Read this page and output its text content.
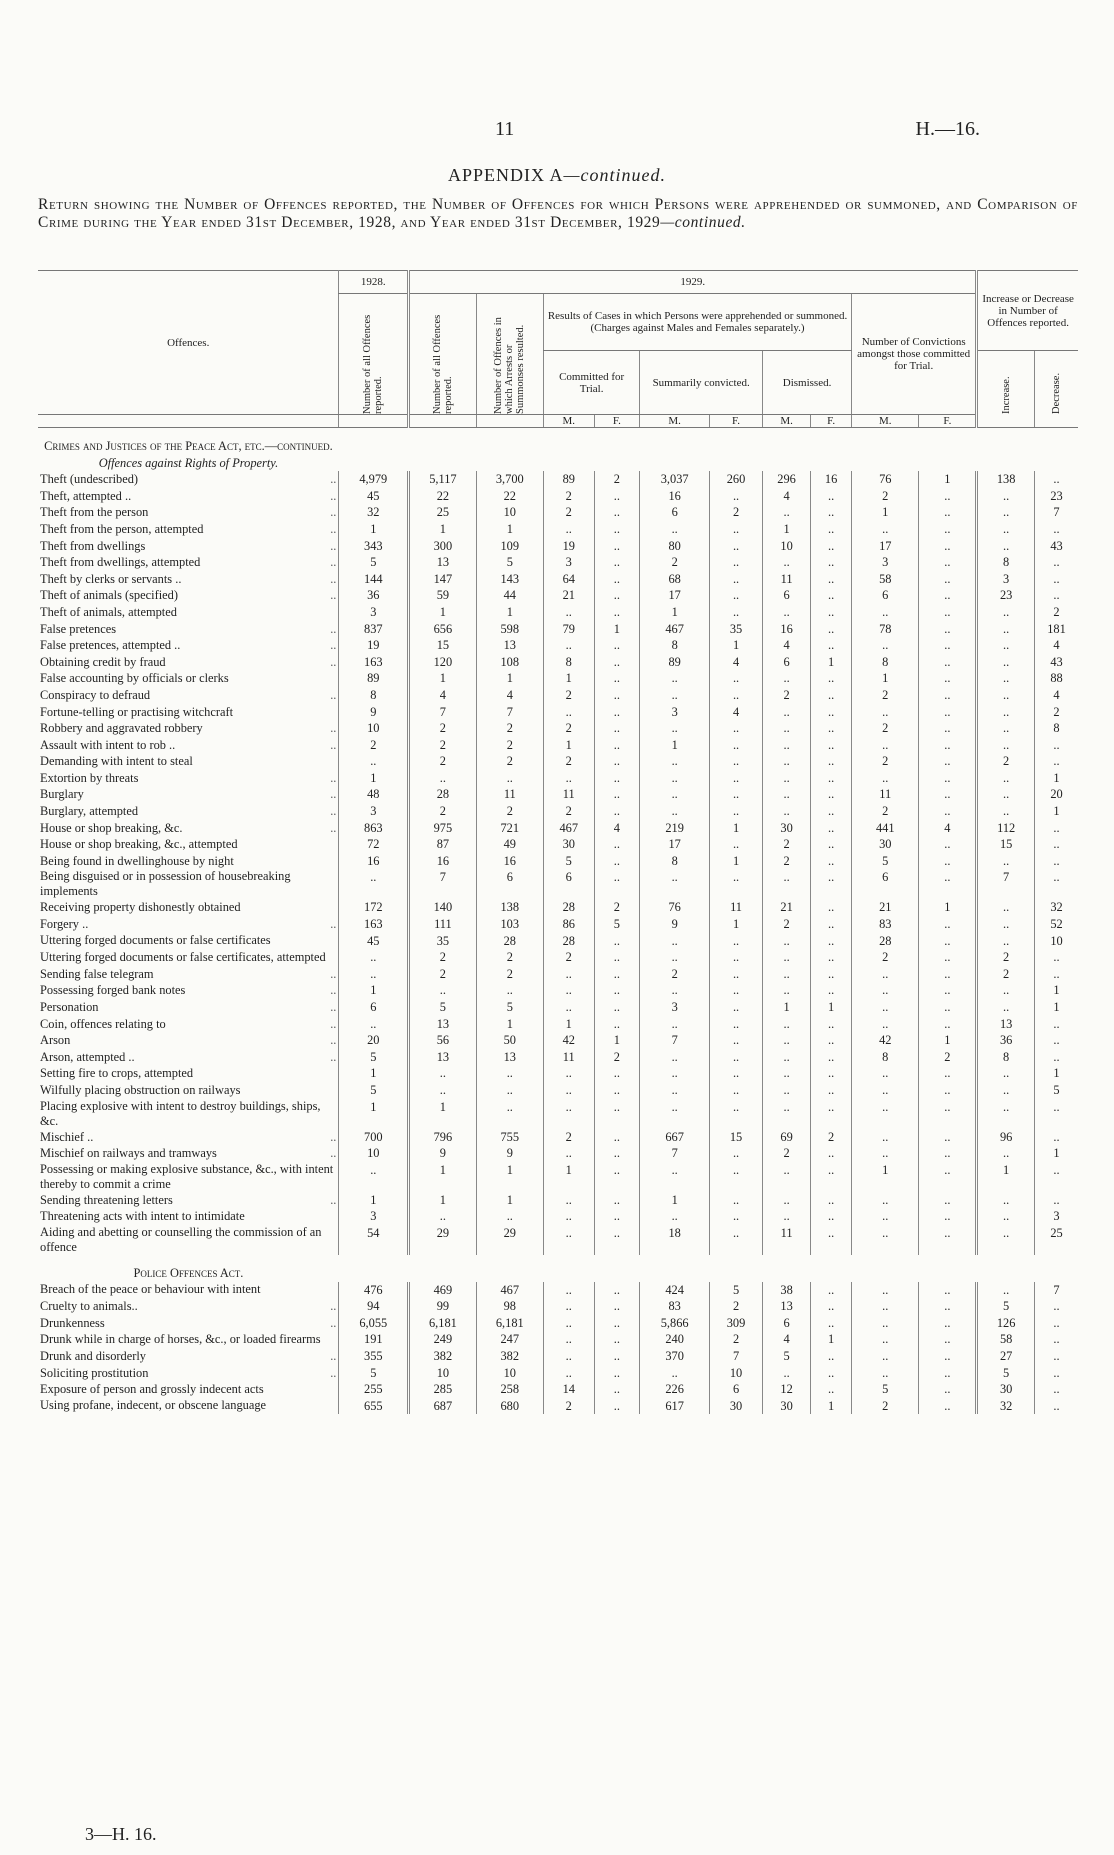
11	H.—16.
APPENDIX A—continued.
Return showing the Number of Offences reported, the Number of Offences for which Persons were apprehended or summoned, and Comparison of Crime during the Year ended 31st December, 1928, and Year ended 31st December, 1929—continued.
Offences.	1928.	1929.										Increase or Decrease in Number of Offences reported.	

	Number of all Offences reported.	Number of all Offences reported.	Number of Offences in which Arrests or Summonses resulted.	Results of Cases in which Persons were apprehended or summoned. (Charges against Males and Females separately.)						Number of Convictions amongst those committed for Trial.			
				Committed for Trial.		Summarily convicted.		Dismissed.				Increase.	Decrease.

				M.	F.	M.	F.	M.	F.	M.	F.		

Crimes and Justices of the Peace Act, etc.—continued.													
Offences against Rights of Property.													
Theft (undescribed) ..	4,979	5,117	3,700	89	2	3,037	260	296	16	76	1	138	..
Theft, attempted .. ..	45	22	22	2	..	16	..	4	..	2	..	..	23
Theft from the person ..	32	25	10	2	..	6	2	..	..	1	..	..	7
Theft from the person, attempted ..	1	1	1	..	..	..	..	1	..	..	..	..	..
Theft from dwellings ..	343	300	109	19	..	80	..	10	..	17	..	..	43
Theft from dwellings, attempted ..	5	13	5	3	..	2	..	..	..	3	..	8	..
Theft by clerks or servants .. ..	144	147	143	64	..	68	..	11	..	58	..	3	..
Theft of animals (specified) ..	36	59	44	21	..	17	..	6	..	6	..	23	..
Theft of animals, attempted	3	1	1	..	..	1	..	..	..	..	..	..	2
False pretences ..	837	656	598	79	1	467	35	16	..	78	..	..	181
False pretences, attempted .. ..	19	15	13	..	..	8	1	4	..	..	..	..	4
Obtaining credit by fraud ..	163	120	108	8	..	89	4	6	1	8	..	..	43
False accounting by officials or clerks	89	1	1	1	..	..	..	..	..	1	..	..	88
Conspiracy to defraud ..	8	4	4	2	..	..	..	2	..	2	..	..	4
Fortune-telling or practising witchcraft	9	7	7	..	..	3	4	..	..	..	..	..	2
Robbery and aggravated robbery ..	10	2	2	2	..	..	..	..	..	2	..	..	8
Assault with intent to rob .. ..	2	2	2	1	..	1	..	..	..	..	..	..	..
Demanding with intent to steal	..	2	2	2	..	..	..	..	..	2	..	2	..
Extortion by threats ..	1	..	..	..	..	..	..	..	..	..	..	..	1
Burglary ..	48	28	11	11	..	..	..	..	..	11	..	..	20
Burglary, attempted ..	3	2	2	2	..	..	..	..	..	2	..	..	1
House or shop breaking, &c. ..	863	975	721	467	4	219	1	30	..	441	4	112	..
House or shop breaking, &c., attempted	72	87	49	30	..	17	..	2	..	30	..	15	..
Being found in dwellinghouse by night	16	16	16	5	..	8	1	2	..	5	..	..	..
Being disguised or in possession of housebreaking implements	..	7	6	6	..	..	..	..	..	6	..	7	..
Receiving property dishonestly obtained	172	140	138	28	2	76	11	21	..	21	1	..	32
Forgery .. ..	163	111	103	86	5	9	1	2	..	83	..	..	52
Uttering forged documents or false certificates	45	35	28	28	..	..	..	..	..	28	..	..	10
Uttering forged documents or false certificates, attempted	..	2	2	2	..	..	..	..	..	2	..	2	..
Sending false telegram ..	..	2	2	..	..	2	..	..	..	..	..	2	..
Possessing forged bank notes ..	1	..	..	..	..	..	..	..	..	..	..	..	1
Personation ..	6	5	5	..	..	3	..	1	1	..	..	..	1
Coin, offences relating to ..	..	13	1	1	..	..	..	..	..	..	..	13	..
Arson ..	20	56	50	42	1	7	..	..	..	42	1	36	..
Arson, attempted .. ..	5	13	13	11	2	..	..	..	..	8	2	8	..
Setting fire to crops, attempted	1	..	..	..	..	..	..	..	..	..	..	..	1
Wilfully placing obstruction on railways	5	..	..	..	..	..	..	..	..	..	..	..	5
Placing explosive with intent to destroy buildings, ships, &c.	1	1	..	..	..	..	..	..	..	..	..	..	..
Mischief .. ..	700	796	755	2	..	667	15	69	2	..	..	96	..
Mischief on railways and tramways ..	10	9	9	..	..	7	..	2	..	..	..	..	1
Possessing or making explosive substance, &c., with intent thereby to commit a crime	..	1	1	1	..	..	..	..	..	1	..	1	..
Sending threatening letters ..	1	1	1	..	..	1	..	..	..	..	..	..	..
Threatening acts with intent to intimidate	3	..	..	..	..	..	..	..	..	..	..	..	3
Aiding and abetting or counselling the commission of an offence	54	29	29	..	..	18	..	11	..	..	..	..	25

Police Offences Act.													
Breach of the peace or behaviour with intent	476	469	467	..	..	424	5	38	..	..	..	..	7
Cruelty to animals.. ..	94	99	98	..	..	83	2	13	..	..	..	5	..
Drunkenness ..	6,055	6,181	6,181	..	..	5,866	309	6	..	..	..	126	..
Drunk while in charge of horses, &c., or loaded firearms	191	249	247	..	..	240	2	4	1	..	..	58	..
Drunk and disorderly ..	355	382	382	..	..	370	7	5	..	..	..	27	..
Soliciting prostitution ..	5	10	10	..	..	..	10	..	..	..	..	5	..
Exposure of person and grossly indecent acts	255	285	258	14	..	226	6	12	..	5	..	30	..
Using profane, indecent, or obscene language	655	687	680	2	..	617	30	30	1	2	..	32	..
3—H. 16.
